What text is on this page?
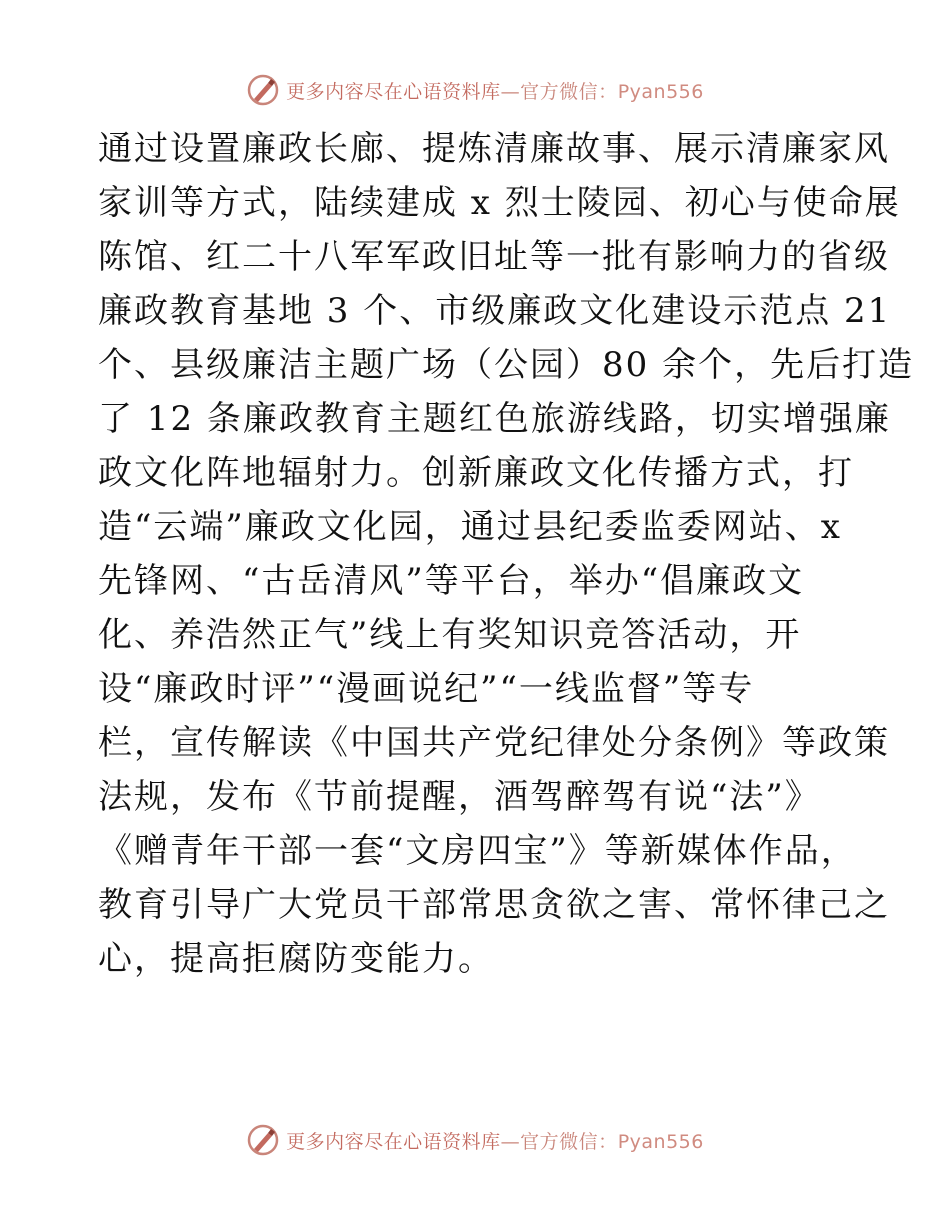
更多内容尽在心语资料库—官方微信：Pyan556
通过设置廉政长廊、提炼清廉故事、展示清廉家风
家训等方式，陆续建成 x 烈士陵园、初心与使命展
陈馆、红二十八军军政旧址等一批有影响力的省级
廉政教育基地 3 个、市级廉政文化建设示范点 21
个、县级廉洁主题广场（公园）80 余个，先后打造
了 12 条廉政教育主题红色旅游线路，切实增强廉
政文化阵地辐射力。创新廉政文化传播方式，打
造“云端”廉政文化园，通过县纪委监委网站、x
先锋网、“古岳清风”等平台，举办“倡廉政文
化、养浩然正气”线上有奖知识竞答活动，开
设“廉政时评”“漫画说纪”“一线监督”等专
栏，宣传解读《中国共产党纪律处分条例》等政策
法规，发布《节前提醒，酒驾醉驾有说“法”》
《赠青年干部一套“文房四宝”》等新媒体作品，
教育引导广大党员干部常思贪欲之害、常怀律己之
心，提高拒腐防变能力。
更多内容尽在心语资料库—官方微信：Pyan556
